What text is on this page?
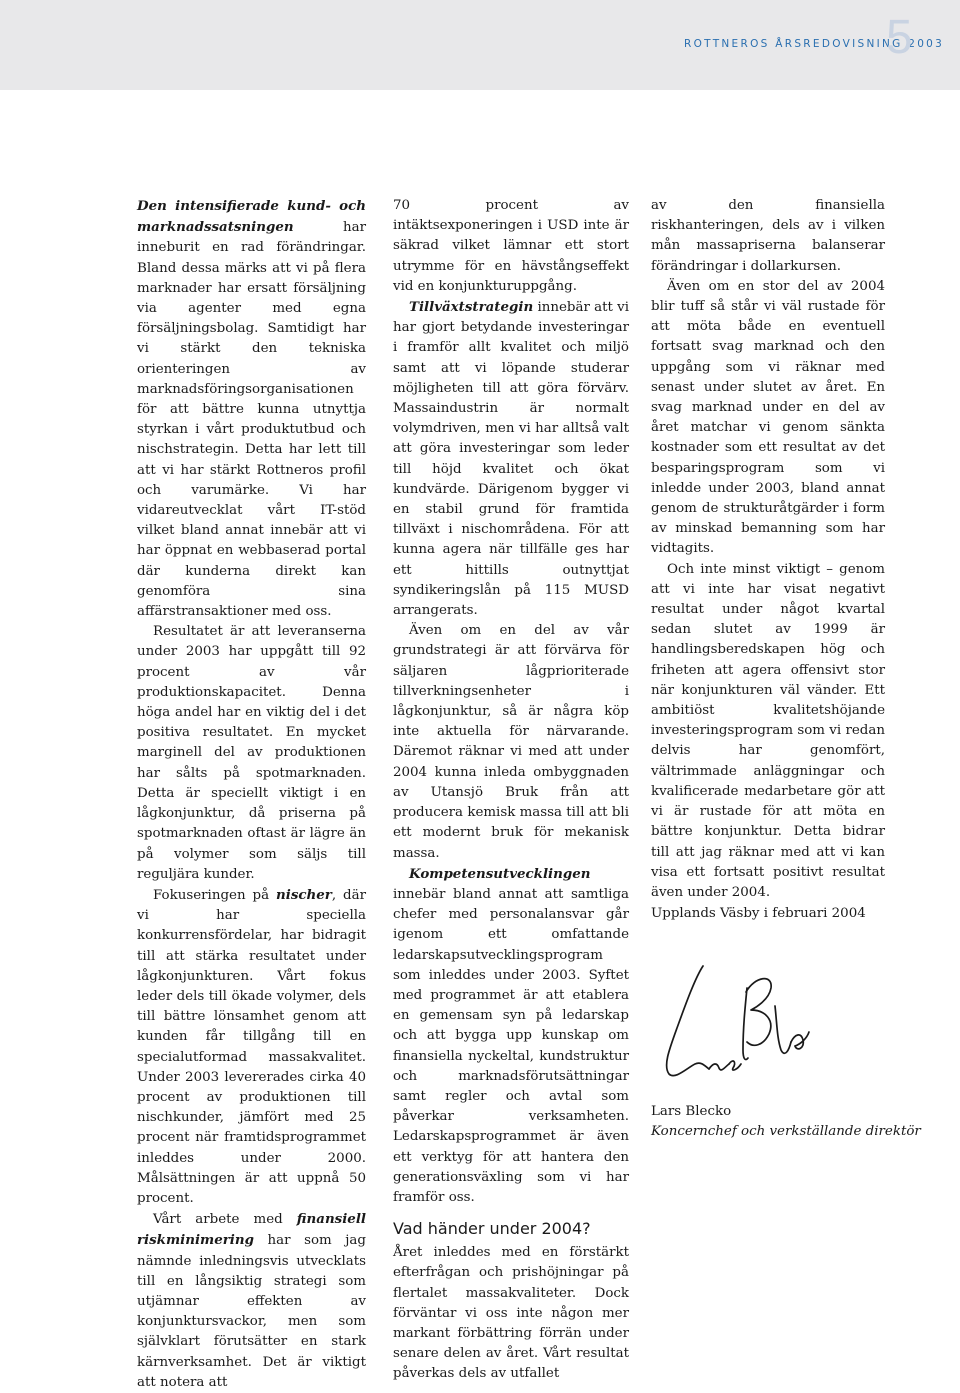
ROTTNEROS ÅRSREDOVISNING 2003
5

Den intensifierade kund- och marknadssatsningen har inneburit en rad förändringar. Bland dessa märks att vi på flera marknader har ersatt försäljning via agenter med egna försäljningsbolag. Samtidigt har vi stärkt den tekniska orienteringen av marknadsföringsorganisationen för att bättre kunna utnyttja styrkan i vårt produktutbud och nischstrategin. Detta har lett till att vi har stärkt Rottneros profil och varumärke. Vi har vidareutvecklat vårt IT-stöd vilket bland annat innebär att vi har öppnat en webbaserad portal där kunderna direkt kan genomföra sina affärstransaktioner med oss.

Resultatet är att leveranserna under 2003 har uppgått till 92 procent av vår produktionskapacitet. Denna höga andel har en viktig del i det positiva resultatet. En mycket marginell del av produktionen har sålts på spotmarknaden. Detta är speciellt viktigt i en lågkonjunktur, då priserna på spotmarknaden oftast är lägre än på volymer som säljs till reguljära kunder.

Fokuseringen på nischer, där vi har speciella konkurrensfördelar, har bidragit till att stärka resultatet under lågkonjunkturen. Vårt fokus leder dels till ökade volymer, dels till bättre lönsamhet genom att kunden får tillgång till en specialutformad massakvalitet. Under 2003 levererades cirka 40 procent av produktionen till nischkunder, jämfört med 25 procent när framtidsprogrammet inleddes under 2000. Målsättningen är att uppnå 50 procent.

Vårt arbete med finansiell riskminimering har som jag nämnde inledningsvis utvecklats till en långsiktig strategi som utjämnar effekten av konjunktursvackor, men som självklart förutsätter en stark kärnverksamhet. Det är viktigt att notera att

70 procent av intäktsexponeringen i USD inte är säkrad vilket lämnar ett stort utrymme för en hävstångseffekt vid en konjunkturuppgång.

Tillväxtstrategin innebär att vi har gjort betydande investeringar i framför allt kvalitet och miljö samt att vi löpande studerar möjligheten till att göra förvärv. Massaindustrin är normalt volymdriven, men vi har alltså valt att göra investeringar som leder till höjd kvalitet och ökat kundvärde. Därigenom bygger vi en stabil grund för framtida tillväxt i nischområdena. För att kunna agera när tillfälle ges har ett hittills outnyttjat syndikeringslån på 115 MUSD arrangerats.

Även om en del av vår grundstrategi är att förvärva för säljaren lågprioriterade tillverkningsenheter i lågkonjunktur, så är några köp inte aktuella för närvarande. Däremot räknar vi med att under 2004 kunna inleda ombyggnaden av Utansjö Bruk från att producera kemisk massa till att bli ett modernt bruk för mekanisk massa.

Kompetensutvecklingen innebär bland annat att samtliga chefer med personalansvar går igenom ett omfattande ledarskapsutvecklingsprogram som inleddes under 2003. Syftet med programmet är att etablera en gemensam syn på ledarskap och att bygga upp kunskap om finansiella nyckeltal, kundstruktur och marknadsförutsättningar samt regler och avtal som påverkar verksamheten. Ledarskapsprogrammet är även ett verktyg för att hantera den generationsväxling som vi har framför oss.

Vad händer under 2004?

Året inleddes med en förstärkt efterfrågan och prishöjningar på flertalet massakvaliteter. Dock förväntar vi oss inte någon mer markant förbättring förrän under senare delen av året. Vårt resultat påverkas dels av utfallet

av den finansiella riskhanteringen, dels av i vilken mån massapriserna balanserar förändringar i dollarkursen.

Även om en stor del av 2004 blir tuff så står vi väl rustade för att möta både en eventuell fortsatt svag marknad och den uppgång som vi räknar med senast under slutet av året. En svag marknad under en del av året matchar vi genom sänkta kostnader som ett resultat av det besparingsprogram som vi inledde under 2003, bland annat genom de strukturåtgärder i form av minskad bemanning som har vidtagits.

Och inte minst viktigt – genom att vi inte har visat negativt resultat under något kvartal sedan slutet av 1999 är handlingsberedskapen hög och friheten att agera offensivt stor när konjunkturen väl vänder. Ett ambitiöst kvalitetshöjande investeringsprogram som vi redan delvis har genomfört, vältrimmade anläggningar och kvalificerade medarbetare gör att vi är rustade för att möta en bättre konjunktur. Detta bidrar till att jag räknar med att vi kan visa ett fortsatt positivt resultat även under 2004.

Upplands Väsby i februari 2004
Lars Blecko
Koncernchef och verkställande direktör
